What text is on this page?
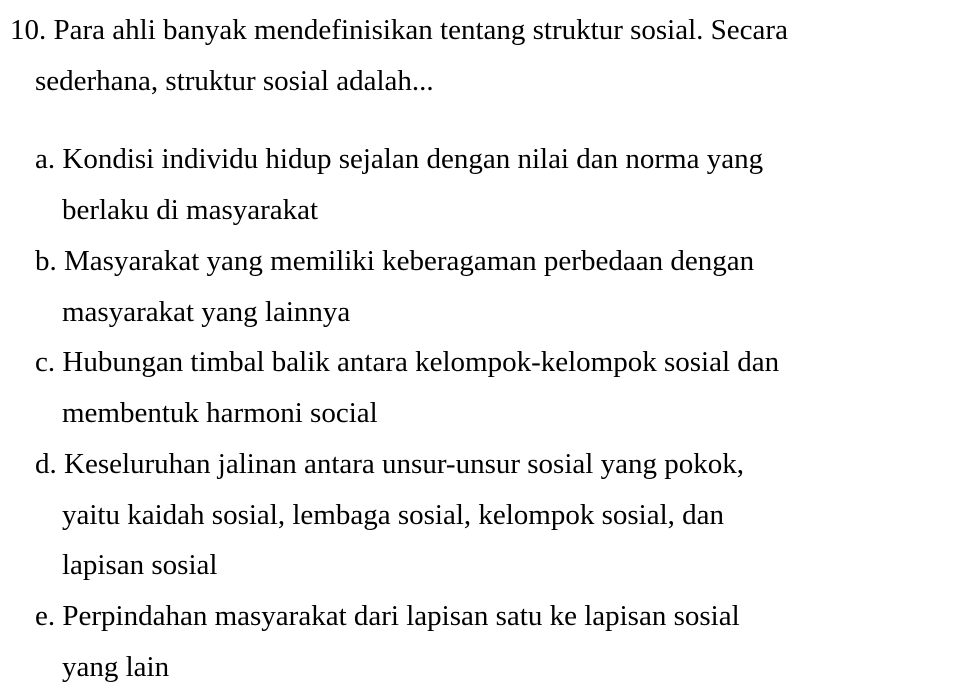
10. Para ahli banyak mendefinisikan tentang struktur sosial. Secara
sederhana, struktur sosial adalah...
a. Kondisi individu hidup sejalan dengan nilai dan norma yang
berlaku di masyarakat
b. Masyarakat yang memiliki keberagaman perbedaan dengan
masyarakat yang lainnya
c. Hubungan timbal balik antara kelompok-kelompok sosial dan
membentuk harmoni social
d. Keseluruhan jalinan antara unsur-unsur sosial yang pokok,
yaitu kaidah sosial, lembaga sosial, kelompok sosial, dan
lapisan sosial
e. Perpindahan masyarakat dari lapisan satu ke lapisan sosial
yang lain
